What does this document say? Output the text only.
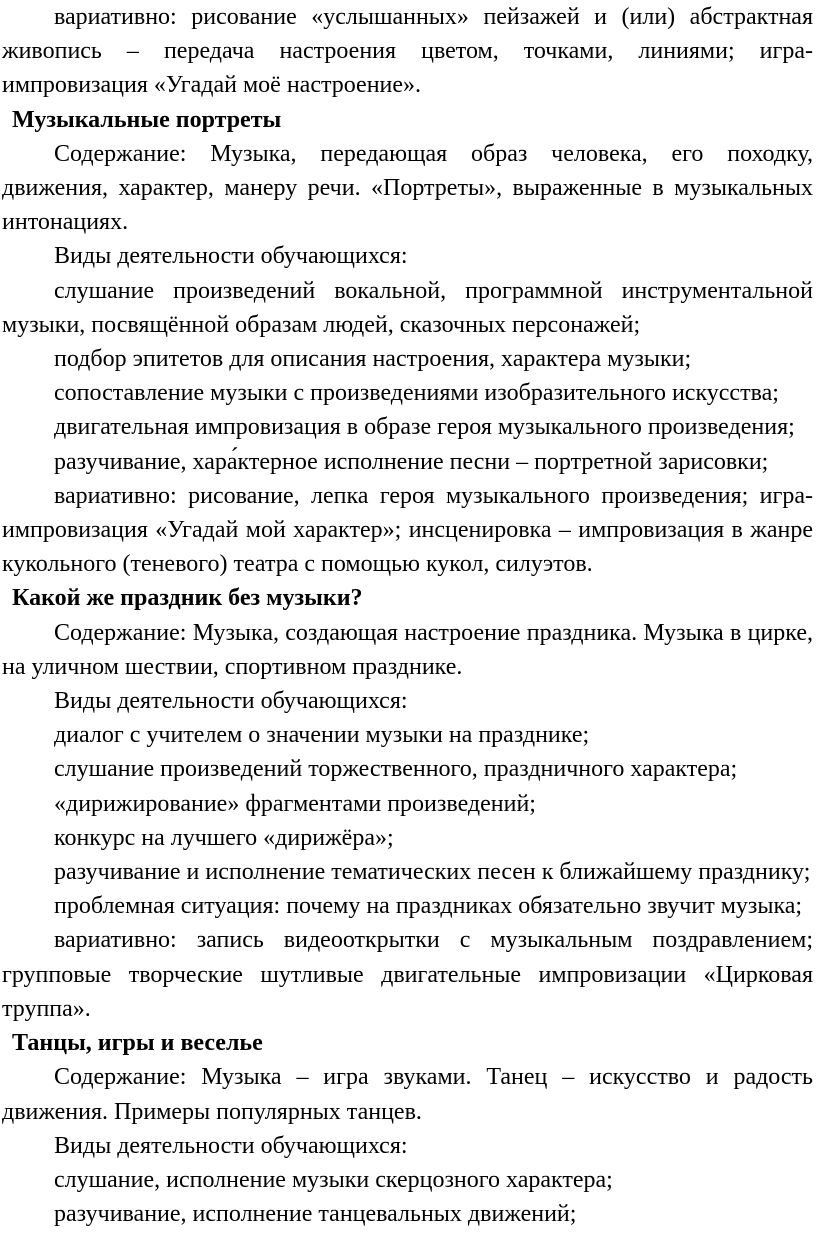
вариативно: рисование «услышанных» пейзажей и (или) абстрактная живопись – передача настроения цветом, точками, линиями; игра-импровизация «Угадай моё настроение».

Музыкальные портреты

Содержание: Музыка, передающая образ человека, его походку, движения, характер, манеру речи. «Портреты», выраженные в музыкальных интонациях.

Виды деятельности обучающихся:

слушание произведений вокальной, программной инструментальной музыки, посвящённой образам людей, сказочных персонажей;

подбор эпитетов для описания настроения, характера музыки;

сопоставление музыки с произведениями изобразительного искусства;

двигательная импровизация в образе героя музыкального произведения;

разучивание, хара́ктерное исполнение песни – портретной зарисовки;

вариативно: рисование, лепка героя музыкального произведения; игра-импровизация «Угадай мой характер»; инсценировка – импровизация в жанре кукольного (теневого) театра с помощью кукол, силуэтов.

Какой же праздник без музыки?

Содержание: Музыка, создающая настроение праздника. Музыка в цирке, на уличном шествии, спортивном празднике.

Виды деятельности обучающихся:

диалог с учителем о значении музыки на празднике;

слушание произведений торжественного, праздничного характера;

«дирижирование» фрагментами произведений;

конкурс на лучшего «дирижёра»;

разучивание и исполнение тематических песен к ближайшему празднику;

проблемная ситуация: почему на праздниках обязательно звучит музыка;

вариативно: запись видеооткрытки с музыкальным поздравлением; групповые творческие шутливые двигательные импровизации «Цирковая труппа».

Танцы, игры и веселье

Содержание: Музыка – игра звуками. Танец – искусство и радость движения. Примеры популярных танцев.

Виды деятельности обучающихся:

слушание, исполнение музыки скерцозного характера;

разучивание, исполнение танцевальных движений;
